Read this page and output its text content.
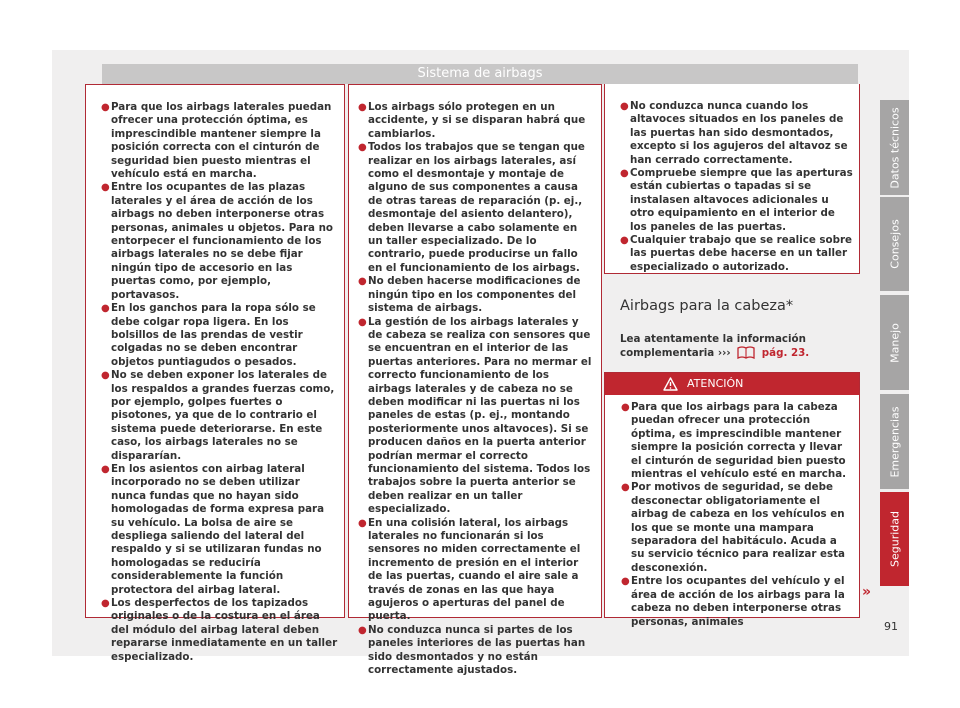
Sistema de airbags

● Para que los airbags laterales puedan ofrecer una protección óptima, es imprescindible mantener siempre la posición correcta con el cinturón de seguridad bien puesto mientras el vehículo está en marcha.

● Entre los ocupantes de las plazas laterales y el área de acción de los airbags no deben interponerse otras personas, animales u objetos. Para no entorpecer el funcionamiento de los airbags laterales no se debe fijar ningún tipo de accesorio en las puertas como, por ejemplo, portavasos.

● En los ganchos para la ropa sólo se debe colgar ropa ligera. En los bolsillos de las prendas de vestir colgadas no se deben encontrar objetos puntiagudos o pesados.

● No se deben exponer los laterales de los respaldos a grandes fuerzas como, por ejemplo, golpes fuertes o pisotones, ya que de lo contrario el sistema puede deteriorarse. En este caso, los airbags laterales no se dispararían.

● En los asientos con airbag lateral incorporado no se deben utilizar nunca fundas que no hayan sido homologadas de forma expresa para su vehículo. La bolsa de aire se despliega saliendo del lateral del respaldo y si se utilizaran fundas no homologadas se reduciría considerablemente la función protectora del airbag lateral.

● Los desperfectos de los tapizados originales o de la costura en el área del módulo del airbag lateral deben repararse inmediatamente en un taller especializado.

● Los airbags sólo protegen en un accidente, y si se disparan habrá que cambiarlos.

● Todos los trabajos que se tengan que realizar en los airbags laterales, así como el desmontaje y montaje de alguno de sus componentes a causa de otras tareas de reparación (p. ej., desmontaje del asiento delantero), deben llevarse a cabo solamente en un taller especializado. De lo contrario, puede producirse un fallo en el funcionamiento de los airbags.

● No deben hacerse modificaciones de ningún tipo en los componentes del sistema de airbags.

● La gestión de los airbags laterales y de cabeza se realiza con sensores que se encuentran en el interior de las puertas anteriores. Para no mermar el correcto funcionamiento de los airbags laterales y de cabeza no se deben modificar ni las puertas ni los paneles de estas (p. ej., montando posteriormente unos altavoces). Si se producen daños en la puerta anterior podrían mermar el correcto funcionamiento del sistema. Todos los trabajos sobre la puerta anterior se deben realizar en un taller especializado.

● En una colisión lateral, los airbags laterales no funcionarán si los sensores no miden correctamente el incremento de presión en el interior de las puertas, cuando el aire sale a través de zonas en las que haya agujeros o aperturas del panel de puerta.

● No conduzca nunca si partes de los paneles interiores de las puertas han sido desmontados y no están correctamente ajustados.

● No conduzca nunca cuando los altavoces situados en los paneles de las puertas han sido desmontados, excepto si los agujeros del altavoz se han cerrado correctamente.

● Compruebe siempre que las aperturas están cubiertas o tapadas si se instalasen altavoces adicionales u otro equipamiento en el interior de los paneles de las puertas.

● Cualquier trabajo que se realice sobre las puertas debe hacerse en un taller especializado o autorizado.

Airbags para la cabeza*
Lea atentamente la información complementaria ›››	pág. 23.
ATENCIÓN

● Para que los airbags para la cabeza puedan ofrecer una protección óptima, es imprescindible mantener siempre la posición correcta y llevar el cinturón de seguridad bien puesto mientras el vehículo esté en marcha.

● Por motivos de seguridad, se debe desconectar obligatoriamente el airbag de cabeza en los vehículos en los que se monte una mampara separadora del habitáculo. Acuda a su servicio técnico para realizar esta desconexión.

● Entre los ocupantes del vehículo y el área de acción de los airbags para la cabeza no deben interponerse otras personas, animales

»
Datos técnicos
Consejos
Manejo
Emergencias
Seguridad
91
